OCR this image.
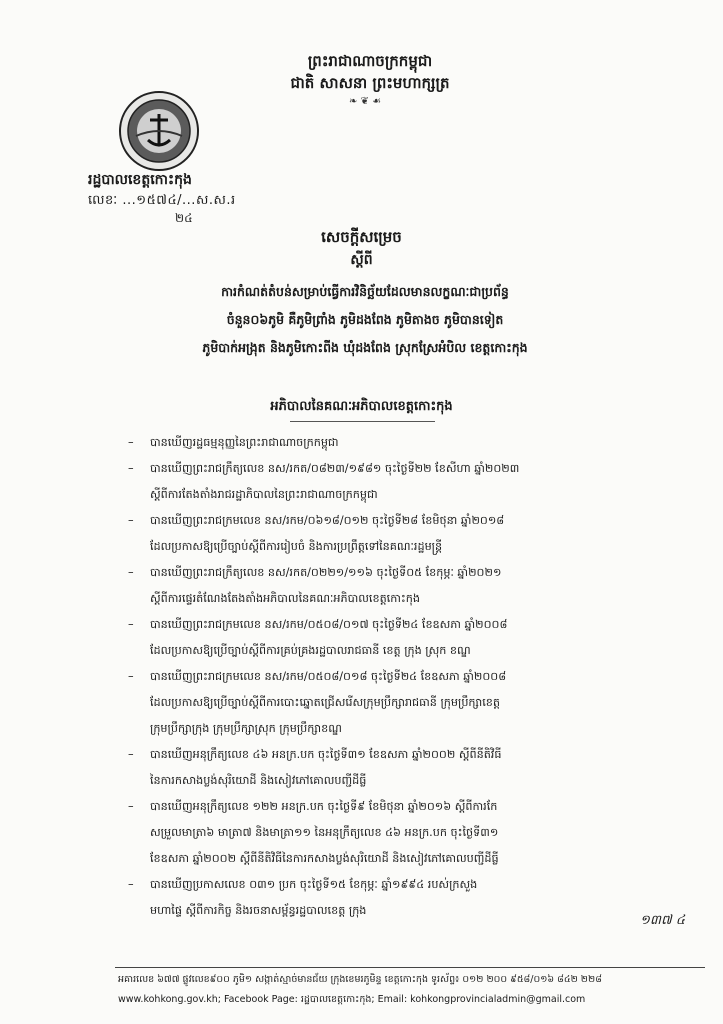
ព្រះរាជាណាចក្រកម្ពុជា
ជាតិ សាសនា ព្រះមហាក្សត្រ
❧ ❦ ☙
រដ្ឋបាលខេត្តកោះកុង
លេខៈ ...១៥៧៤/...ស.ស.រ
២៤
សេចក្ដីសម្រេច
ស្ដីពី
ការកំណត់តំបន់សម្រាប់ធ្វើការវិនិច្ឆ័យដែលមានលក្ខណៈជាប្រព័ន្ធ
ចំនួន០៦ភូមិ គឺភូមិព្រាំង ភូមិដងពែង ភូមិតាងច ភូមិបានទៀត
ភូមិបាក់អង្រុត និងភូមិកោះពីង ឃុំដងពែង ស្រុកស្រែអំបិល ខេត្តកោះកុង
អភិបាលនៃគណៈអភិបាលខេត្តកោះកុង
– បានឃើញរដ្ឋធម្មនុញ្ញនៃព្រះរាជាណាចក្រកម្ពុជា
– បានឃើញព្រះរាជក្រឹត្យលេខ នស/រកត/០៨២៣/១៩៨១ ចុះថ្ងៃទី២២ ខែសីហា ឆ្នាំ២០២៣
ស្ដីពីការតែងតាំងរាជរដ្ឋាភិបាលនៃព្រះរាជាណាចក្រកម្ពុជា
– បានឃើញព្រះរាជក្រមលេខ នស/រកម/០៦១៨/០១២ ចុះថ្ងៃទី២៨ ខែមិថុនា ឆ្នាំ២០១៨
ដែលប្រកាសឱ្យប្រើច្បាប់ស្ដីពីការរៀបចំ និងការប្រព្រឹត្តទៅនៃគណៈរដ្ឋមន្ត្រី
– បានឃើញព្រះរាជក្រឹត្យលេខ នស/រកត/០២២១/១១៦ ចុះថ្ងៃទី០៥ ខែកុម្ភៈ ឆ្នាំ២០២១
ស្ដីពីការផ្ទេរតំណែងតែងតាំងអភិបាលនៃគណៈអភិបាលខេត្តកោះកុង
– បានឃើញព្រះរាជក្រមលេខ នស/រកម/០៥០៨/០១៧ ចុះថ្ងៃទី២៤ ខែឧសភា ឆ្នាំ២០០៨
ដែលប្រកាសឱ្យប្រើច្បាប់ស្ដីពីការគ្រប់គ្រងរដ្ឋបាលរាជធានី ខេត្ត ក្រុង ស្រុក ខណ្ឌ
– បានឃើញព្រះរាជក្រមលេខ នស/រកម/០៥០៨/០១៨ ចុះថ្ងៃទី២៤ ខែឧសភា ឆ្នាំ២០០៨
ដែលប្រកាសឱ្យប្រើច្បាប់ស្ដីពីការបោះឆ្នោតជ្រើសរើសក្រុមប្រឹក្សារាជធានី ក្រុមប្រឹក្សាខេត្ត
ក្រុមប្រឹក្សាក្រុង ក្រុមប្រឹក្សាស្រុក ក្រុមប្រឹក្សាខណ្ឌ
– បានឃើញអនុក្រឹត្យលេខ ៤៦ អនក្រ.បក ចុះថ្ងៃទី៣១ ខែឧសភា ឆ្នាំ២០០២ ស្ដីពីនីតិវិធី
នៃការកសាងប្លង់សុរិយោដី និងសៀវភៅគោលបញ្ជីដីធ្លី
– បានឃើញអនុក្រឹត្យលេខ ១២២ អនក្រ.បក ចុះថ្ងៃទី៩ ខែមិថុនា ឆ្នាំ២០១៦ ស្ដីពីការកែ
សម្រួលមាត្រា៦ មាត្រា៧ និងមាត្រា១១ នៃអនុក្រឹត្យលេខ ៤៦ អនក្រ.បក ចុះថ្ងៃទី៣១
ខែឧសភា ឆ្នាំ២០០២ ស្ដីពីនីតិវិធីនៃការកសាងប្លង់សុរិយោដី និងសៀវភៅគោលបញ្ជីដីធ្លី
– បានឃើញប្រកាសលេខ ០៣១ ប្រក ចុះថ្ងៃទី១៥ ខែកុម្ភៈ ឆ្នាំ១៩៩៤ របស់ក្រសួង
មហាផ្ទៃ ស្ដីពីការកិច្ច និងរចនាសម្ព័ន្ធរដ្ឋបាលខេត្ត ក្រុង
១៣៧ ៤
អគារលេខ ៦៧៧ ផ្លូវលេខ៩០០ ភូមិ១ សង្កាត់ស្មាច់មានជ័យ ក្រុងខេមរភូមិន្ទ ខេត្តកោះកុង ទូរស័ព្ទ៖ ០១២ ២០០ ៩៥៨/០១៦ ៨៤២ ២២៨
www.kohkong.gov.kh; Facebook Page: រដ្ឋបាលខេត្តកោះកុង; Email: kohkongprovincialadmin@gmail.com
